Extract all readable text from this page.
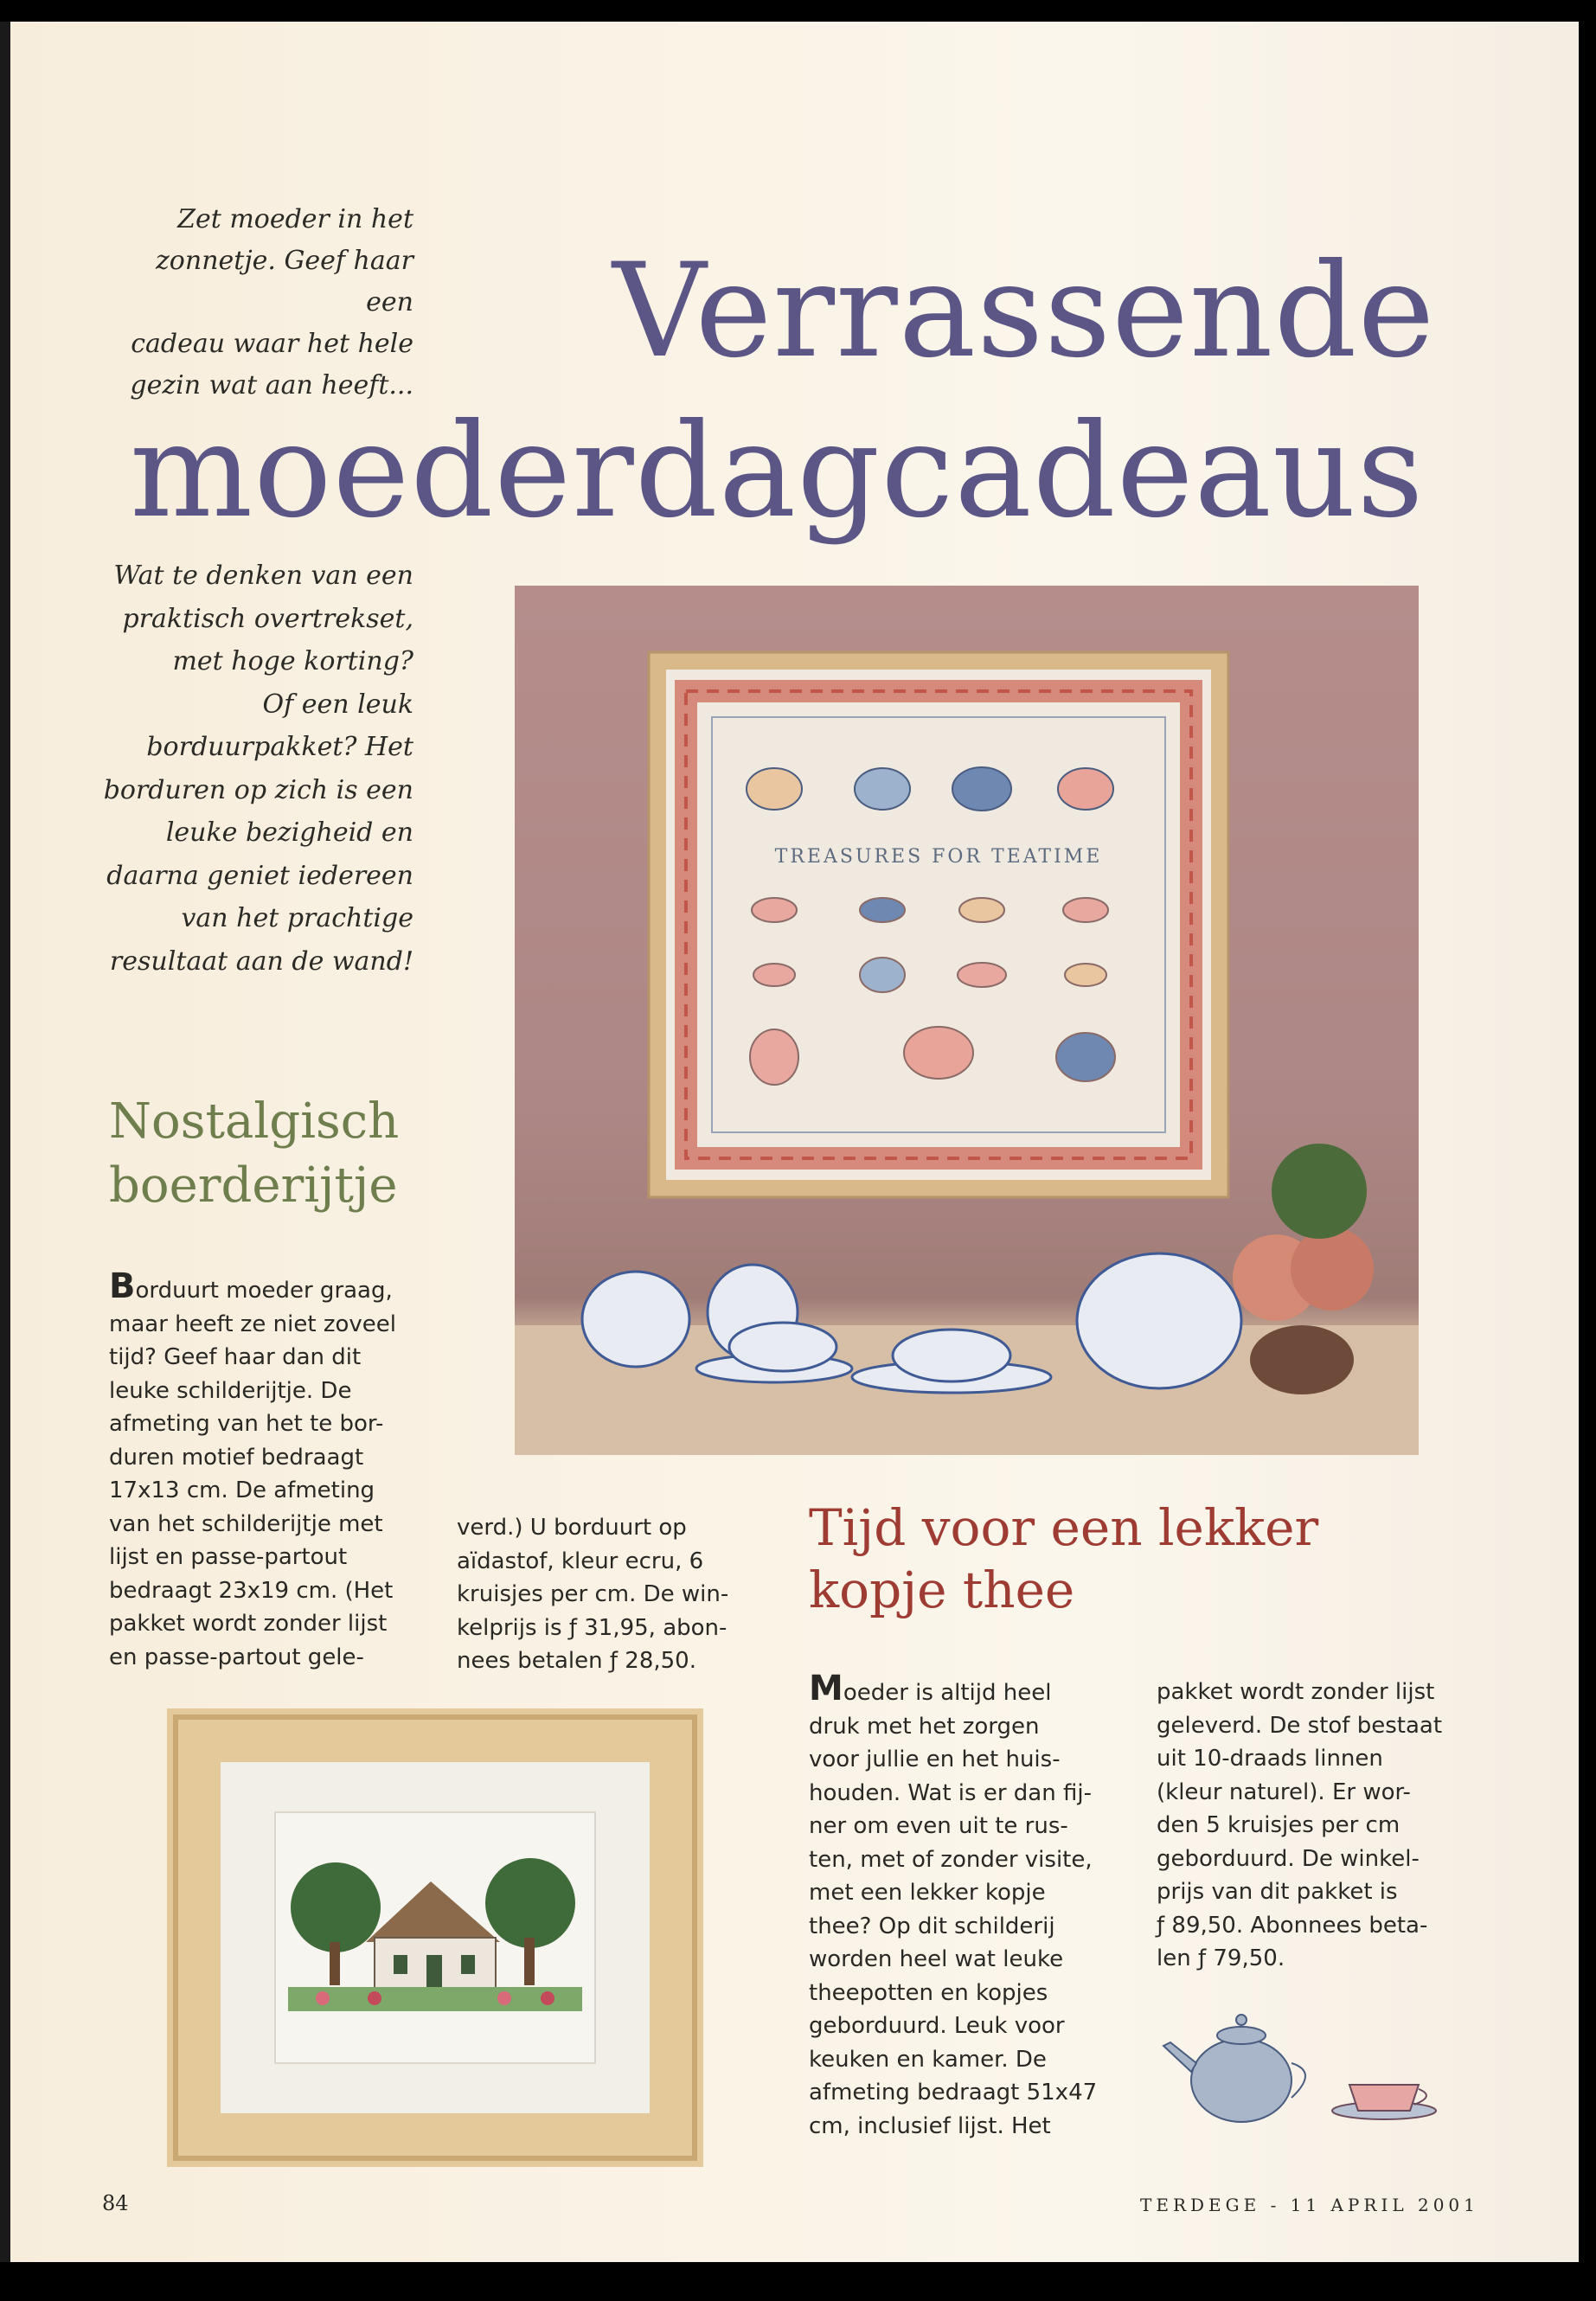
Zet moeder in het
zonnetje. Geef haar een
cadeau waar het hele
gezin wat aan heeft... Verrassende
moederdagcadeaus
Wat te denken van een
praktisch overtrekset,
met hoge korting?
Of een leuk
borduurpakket? Het
borduren op zich is een
leuke bezigheid en
daarna geniet iedereen
van het prachtige
resultaat aan de wand!
TREASURES FOR TEATIME
Nostalgisch
boerderijtje
Borduurt moeder graag,
maar heeft ze niet zoveel
tijd? Geef haar dan dit
leuke schilderijtje. De
afmeting van het te bor-
duren motief bedraagt
17x13 cm. De afmeting
van het schilderijtje met
lijst en passe-partout
bedraagt 23x19 cm. (Het
pakket wordt zonder lijst
en passe-partout gele-
verd.) U borduurt op
aïdastof, kleur ecru, 6
kruisjes per cm. De win-
kelprijs is ƒ 31,95, abon-
nees betalen ƒ 28,50.
Tijd voor een lekker
kopje thee
Moeder is altijd heel
druk met het zorgen
voor jullie en het huis-
houden. Wat is er dan fij-
ner om even uit te rus-
ten, met of zonder visite,
met een lekker kopje
thee? Op dit schilderij
worden heel wat leuke
theepotten en kopjes
geborduurd. Leuk voor
keuken en kamer. De
afmeting bedraagt 51x47
cm, inclusief lijst. Het
pakket wordt zonder lijst
geleverd. De stof bestaat
uit 10-draads linnen
(kleur naturel). Er wor-
den 5 kruisjes per cm
geborduurd. De winkel-
prijs van dit pakket is
ƒ 89,50. Abonnees beta-
len ƒ 79,50.
84	TERDEGE - 11 APRIL 2001
